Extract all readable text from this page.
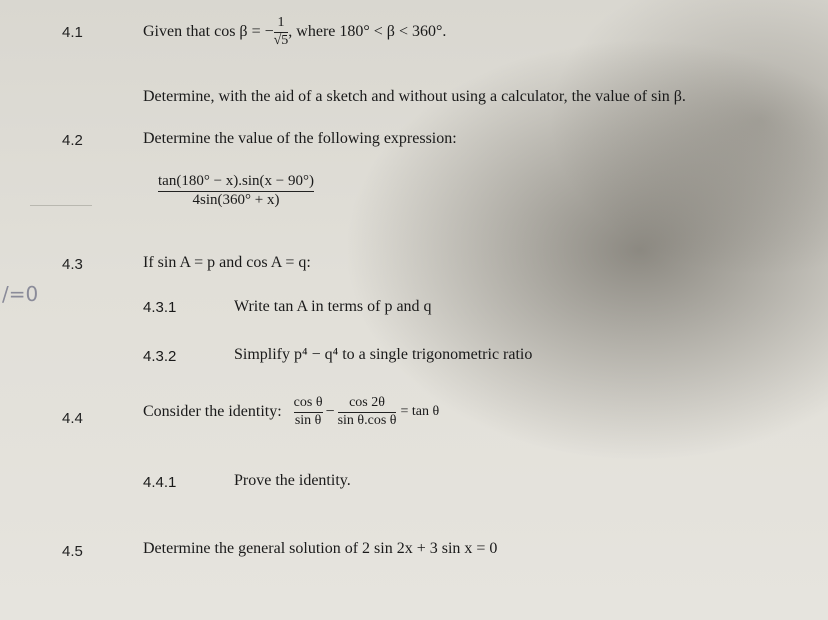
/=0
4.1	Given that cos β = − $\frac{1}{√5}$ , where 180° < β < 360°.
Determine, with the aid of a sketch and without using a calculator, the value of sin β.
4.2	Determine the value of the following expression:
$\frac{\tan(180^\circ - x).\sin(x - 90^\circ)}{4\sin(360^\circ + x)}$
4.3	If sin A = p and cos A = q:
4.3.1	Write tan A in terms of p and q
4.3.2	Simplify p⁴ − q⁴ to a single trigonometric ratio
4.4	Consider the identity: $\frac{\text{cos θ}}{\text{sin θ}} - \frac{\cos 2\theta}{\text{sin θ.cos θ}} = \tan \theta$
4.4.1	Prove the identity.
4.5	Determine the general solution of 2 sin 2x + 3 sin x = 0
